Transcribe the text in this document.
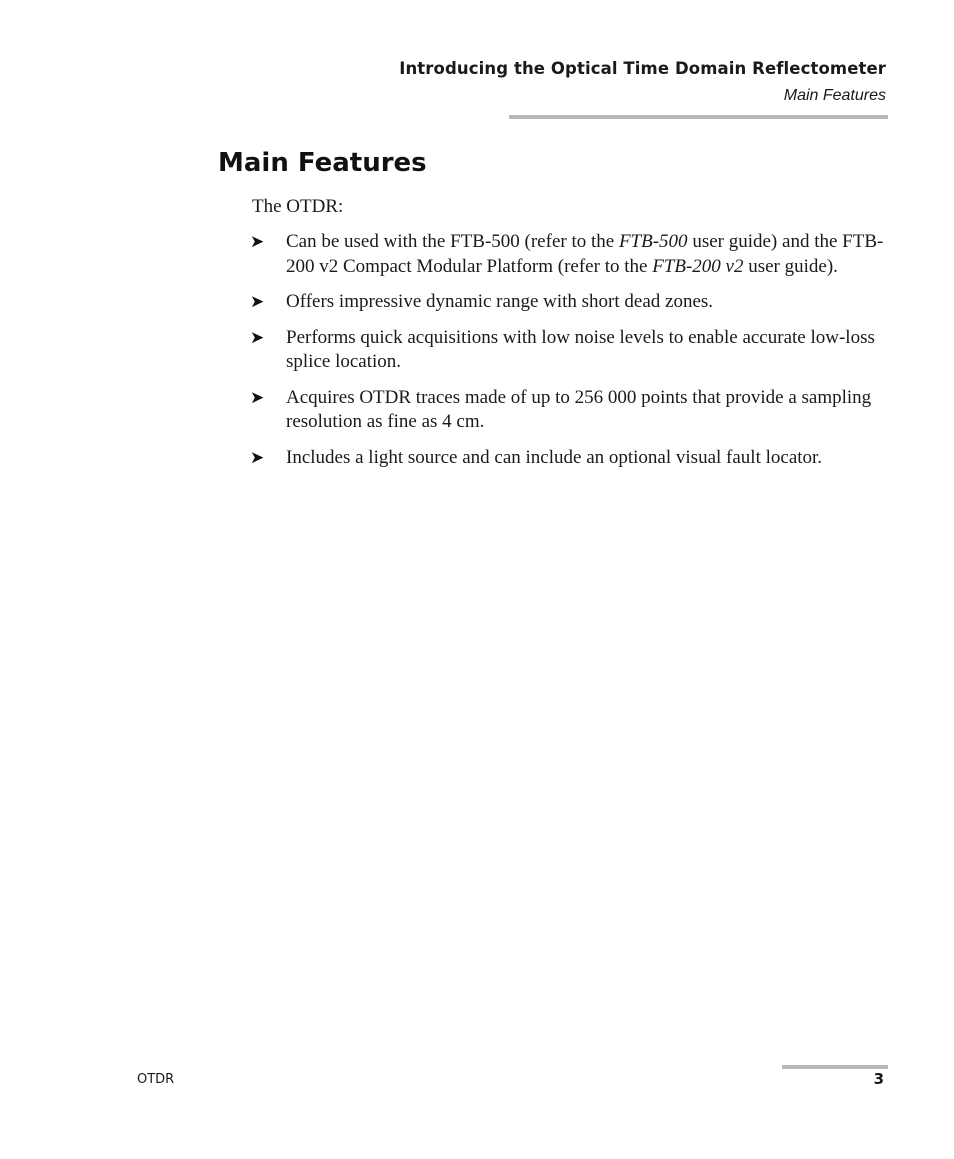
Introducing the Optical Time Domain Reflectometer
Main Features
Main Features

The OTDR:

➤ Can be used with the FTB-500 (refer to the FTB-500 user guide) and the FTB-200 v2 Compact Modular Platform (refer to the FTB-200 v2 user guide).
➤ Offers impressive dynamic range with short dead zones.
➤ Performs quick acquisitions with low noise levels to enable accurate low-loss splice location.
➤ Acquires OTDR traces made of up to 256 000 points that provide a sampling resolution as fine as 4 cm.
➤ Includes a light source and can include an optional visual fault locator.
OTDR	3
